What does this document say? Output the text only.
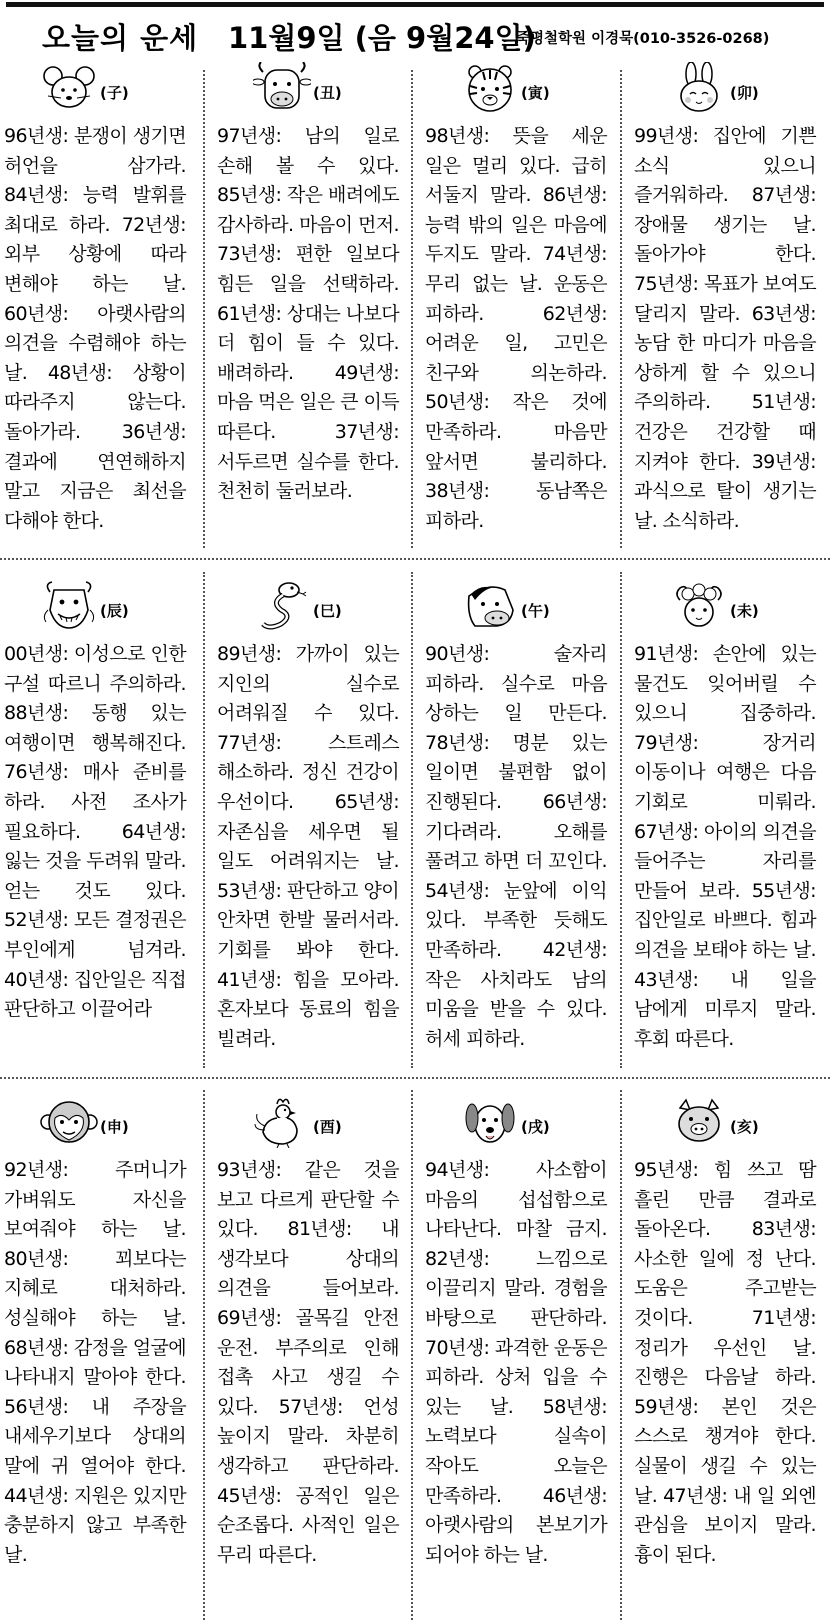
오늘의 운세 11월9일 (음 9월24일)
죽평철학원 이경묵(010-3526-0268)
(子)

96년생: 분쟁이 생기면 허언을 삼가라. 84년생: 능력 발휘를 최대로 하라. 72년생: 외부 상황에 따라 변해야 하는 날. 60년생: 아랫사람의 의견을 수렴해야 하는 날. 48년생: 상황이 따라주지 않는다. 돌아가라. 36년생: 결과에 연연해하지 말고 지금은 최선을 다해야 한다.

(丑)

97년생: 남의 일로 손해 볼 수 있다. 85년생: 작은 배려에도 감사하라. 마음이 먼저. 73년생: 편한 일보다 힘든 일을 선택하라. 61년생: 상대는 나보다 더 힘이 들 수 있다. 배려하라. 49년생: 마음 먹은 일은 큰 이득 따른다. 37년생: 서두르면 실수를 한다. 천천히 둘러보라.

(寅)

98년생: 뜻을 세운 일은 멀리 있다. 급히 서둘지 말라. 86년생: 능력 밖의 일은 마음에 두지도 말라. 74년생: 무리 없는 날. 운동은 피하라. 62년생: 어려운 일, 고민은 친구와 의논하라. 50년생: 작은 것에 만족하라. 마음만 앞서면 불리하다. 38년생: 동남쪽은 피하라.

(卯)

99년생: 집안에 기쁜 소식 있으니 즐거워하라. 87년생: 장애물 생기는 날. 돌아가야 한다. 75년생: 목표가 보여도 달리지 말라. 63년생: 농담 한 마디가 마음을 상하게 할 수 있으니 주의하라. 51년생: 건강은 건강할 때 지켜야 한다. 39년생: 과식으로 탈이 생기는 날. 소식하라.

(辰)

00년생: 이성으로 인한 구설 따르니 주의하라. 88년생: 동행 있는 여행이면 행복해진다. 76년생: 매사 준비를 하라. 사전 조사가 필요하다. 64년생: 잃는 것을 두려워 말라. 얻는 것도 있다. 52년생: 모든 결정권은 부인에게 넘겨라. 40년생: 집안일은 직접 판단하고 이끌어라

(巳)

89년생: 가까이 있는 지인의 실수로 어려워질 수 있다. 77년생: 스트레스 해소하라. 정신 건강이 우선이다. 65년생: 자존심을 세우면 될 일도 어려워지는 날. 53년생: 판단하고 양이 안차면 한발 물러서라. 기회를 봐야 한다. 41년생: 힘을 모아라. 혼자보다 동료의 힘을 빌려라.

(午)

90년생: 술자리 피하라. 실수로 마음 상하는 일 만든다. 78년생: 명분 있는 일이면 불편함 없이 진행된다. 66년생: 기다려라. 오해를 풀려고 하면 더 꼬인다. 54년생: 눈앞에 이익 있다. 부족한 듯해도 만족하라. 42년생: 작은 사치라도 남의 미움을 받을 수 있다. 허세 피하라.

(未)

91년생: 손안에 있는 물건도 잊어버릴 수 있으니 집중하라. 79년생: 장거리 이동이나 여행은 다음 기회로 미뤄라. 67년생: 아이의 의견을 들어주는 자리를 만들어 보라. 55년생: 집안일로 바쁘다. 힘과 의견을 보태야 하는 날. 43년생: 내 일을 남에게 미루지 말라. 후회 따른다.

(申)

92년생: 주머니가 가벼워도 자신을 보여줘야 하는 날. 80년생: 꾀보다는 지혜로 대처하라. 성실해야 하는 날. 68년생: 감정을 얼굴에 나타내지 말아야 한다. 56년생: 내 주장을 내세우기보다 상대의 말에 귀 열어야 한다. 44년생: 지원은 있지만 충분하지 않고 부족한 날.

(酉)

93년생: 같은 것을 보고 다르게 판단할 수 있다. 81년생: 내 생각보다 상대의 의견을 들어보라. 69년생: 골목길 안전 운전. 부주의로 인해 접촉 사고 생길 수 있다. 57년생: 언성 높이지 말라. 차분히 생각하고 판단하라. 45년생: 공적인 일은 순조롭다. 사적인 일은 무리 따른다.

(戌)

94년생: 사소함이 마음의 섭섭함으로 나타난다. 마찰 금지. 82년생: 느낌으로 이끌리지 말라. 경험을 바탕으로 판단하라. 70년생: 과격한 운동은 피하라. 상처 입을 수 있는 날. 58년생: 노력보다 실속이 작아도 오늘은 만족하라. 46년생: 아랫사람의 본보기가 되어야 하는 날.

(亥)

95년생: 힘 쓰고 땀 흘린 만큼 결과로 돌아온다. 83년생: 사소한 일에 정 난다. 도움은 주고받는 것이다. 71년생: 정리가 우선인 날. 진행은 다음날 하라. 59년생: 본인 것은 스스로 챙겨야 한다. 실물이 생길 수 있는 날. 47년생: 내 일 외엔 관심을 보이지 말라. 흉이 된다.
